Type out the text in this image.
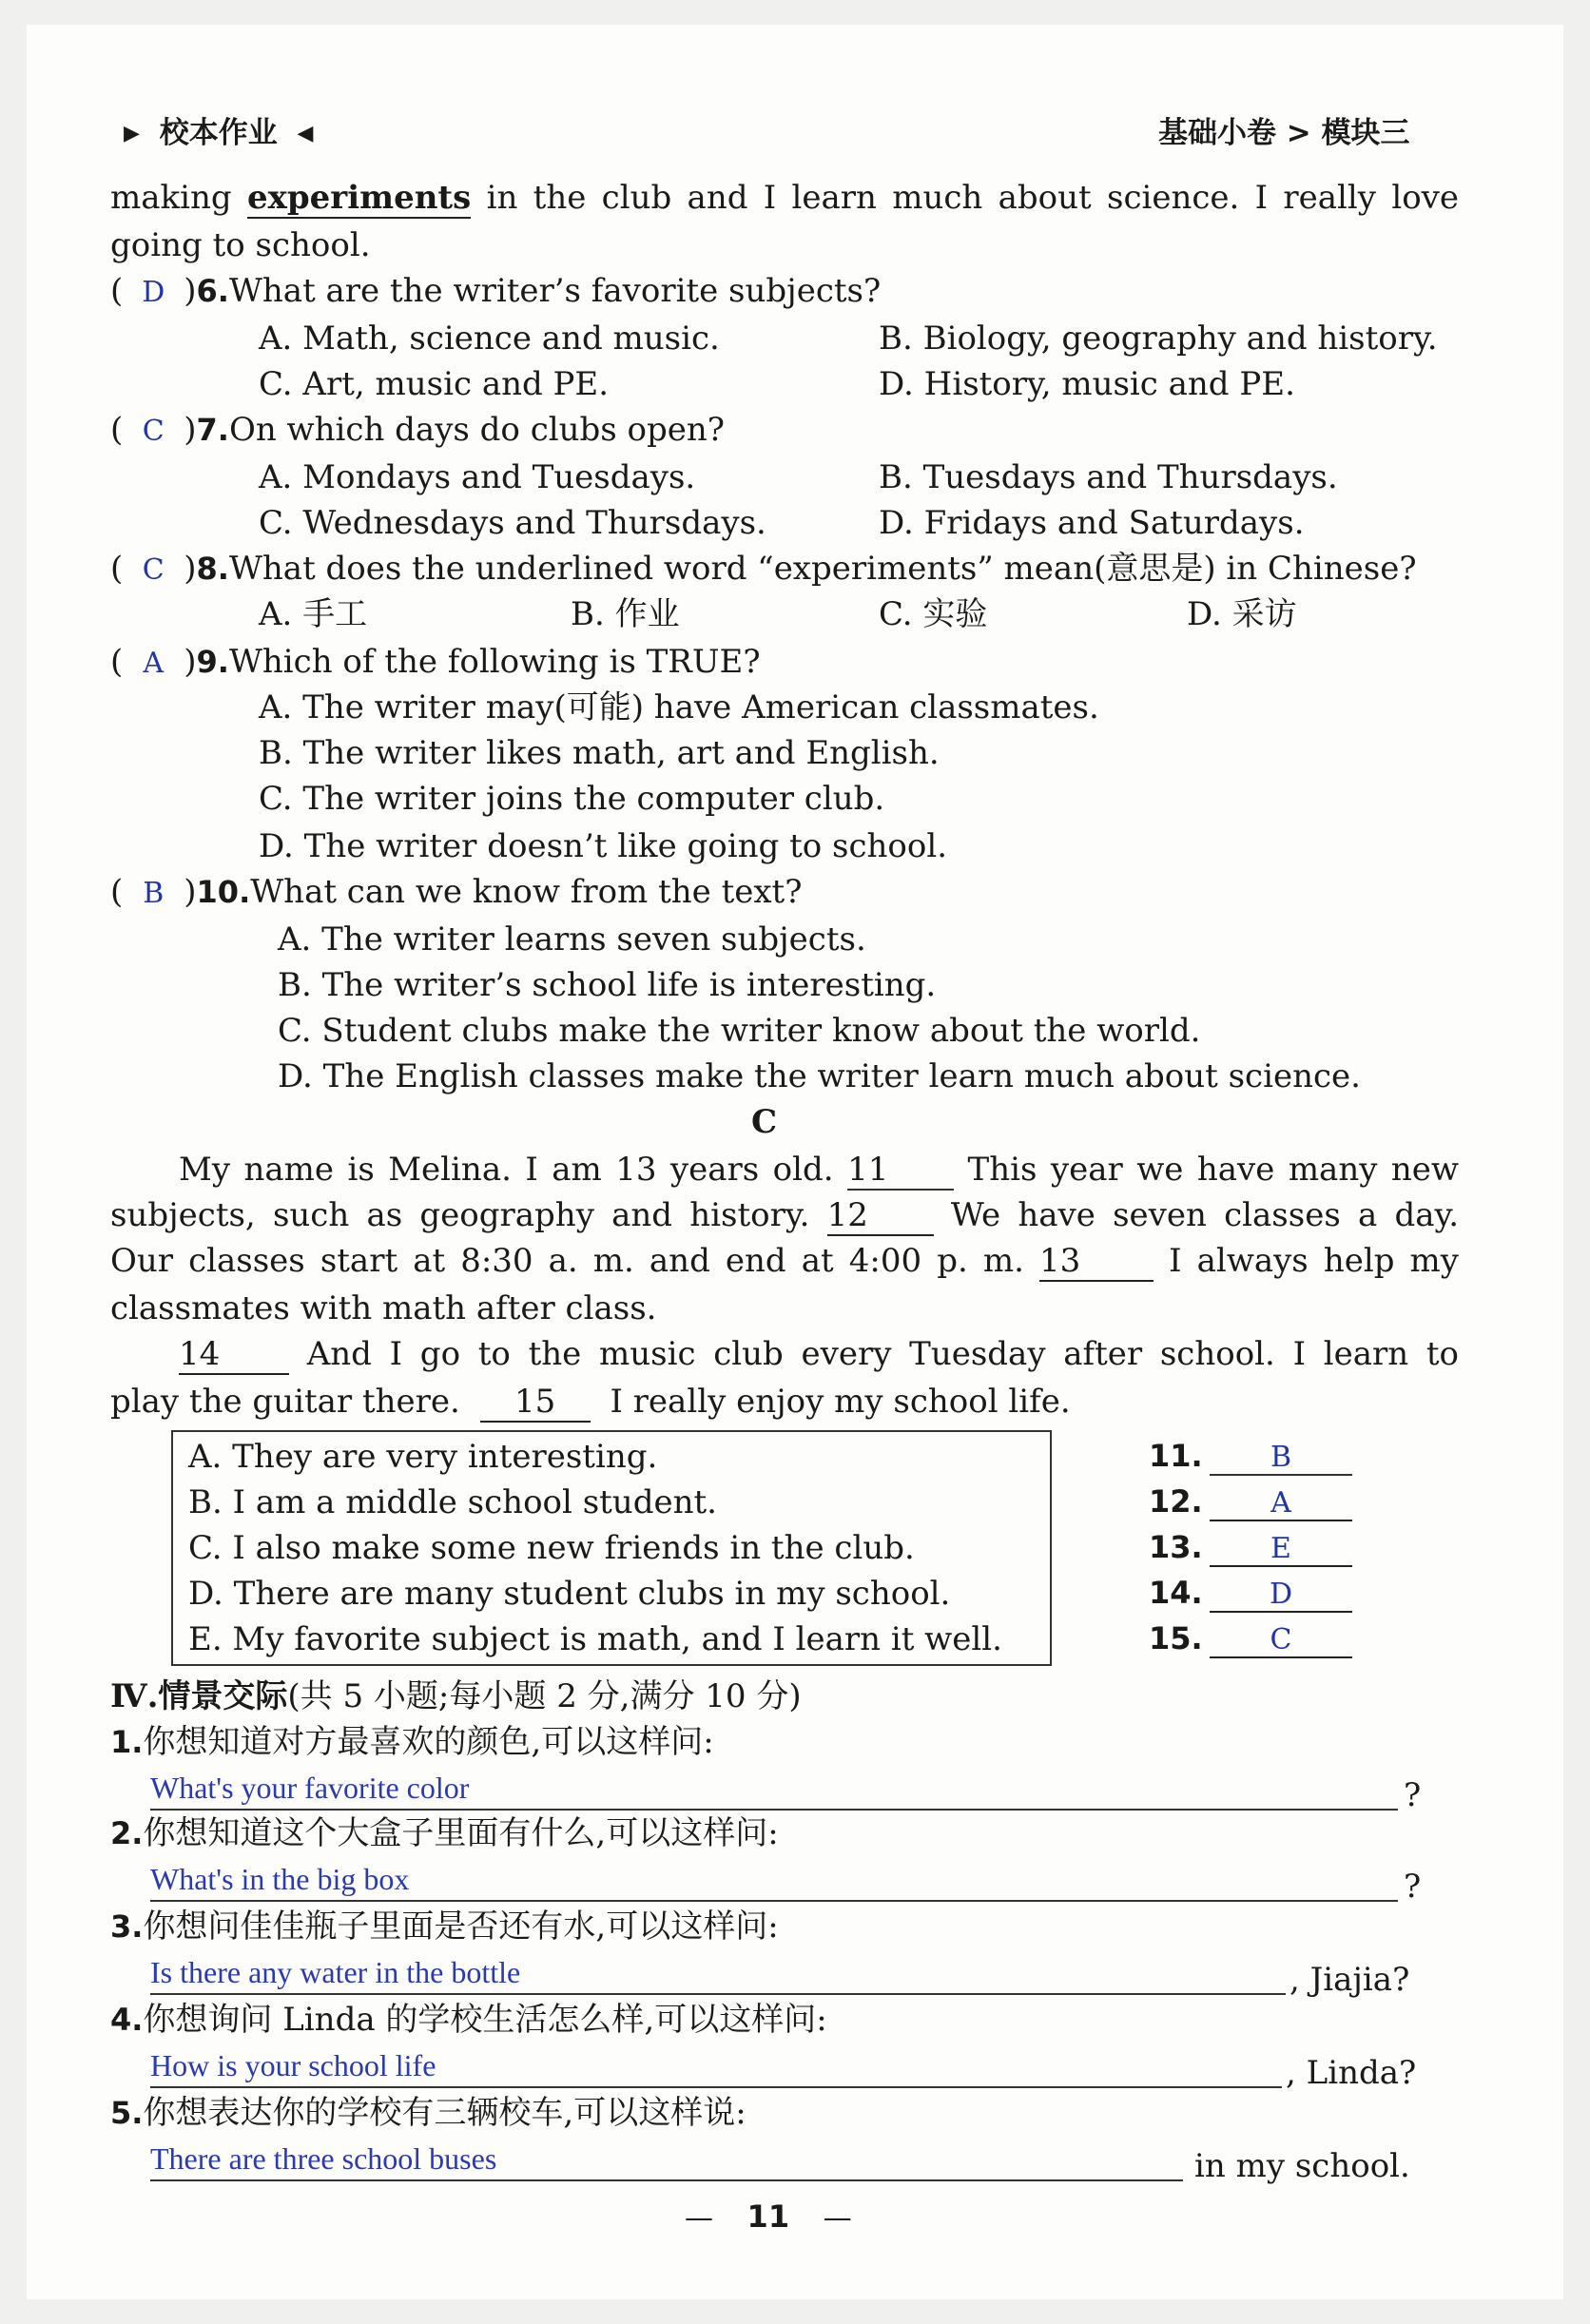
▶ 校本作业 ◀	基础小卷 > 模块三
making experiments in the club and I learn much about science. I really love
going to school.
( D )6.What are the writer’s favorite subjects?
A. Math, science and music.	B. Biology, geography and history.
C. Art, music and PE.	D. History, music and PE.
( C )7.On which days do clubs open?
A. Mondays and Tuesdays.	B. Tuesdays and Thursdays.
C. Wednesdays and Thursdays.	D. Fridays and Saturdays.
( C )8.What does the underlined word “experiments” mean(意思是) in Chinese?
A. 手工	B. 作业	C. 实验	D. 采访
( A )9.Which of the following is TRUE?
A. The writer may(可能) have American classmates.
B. The writer likes math, art and English.
C. The writer joins the computer club.
D. The writer doesn’t like going to school.
( B )10.What can we know from the text?
A. The writer learns seven subjects.
B. The writer’s school life is interesting.
C. Student clubs make the writer know about the world.
D. The English classes make the writer learn much about science.
C
My name is Melina. I am 13 years old. 11 This year we have many new
subjects, such as geography and history. 12	We have seven classes a day.
Our classes start at 8:30 a. m. and end at 4:00 p. m. 13	I always help my
classmates with math after class.
14	And I go to the music club every Tuesday after school. I learn to
play the guitar there. 15 I really enjoy my school life.
A. They are very interesting.
B. I am a middle school student.
C. I also make some new friends in the club.
D. There are many student clubs in my school.
E. My favorite subject is math, and I learn it well.
11. B
12. A
13. E
14. D
15. C
Ⅳ.情景交际(共 5 小题;每小题 2 分,满分 10 分)
1.你想知道对方最喜欢的颜色,可以这样问:
What's your favorite color	?
2.你想知道这个大盒子里面有什么,可以这样问:
What's in the big box	?
3.你想问佳佳瓶子里面是否还有水,可以这样问:
Is there any water in the bottle	, Jiajia?
4.你想询问 Linda 的学校生活怎么样,可以这样问:
How is your school life	, Linda?
5.你想表达你的学校有三辆校车,可以这样说:
There are three school buses	in my school.
— 11 —
